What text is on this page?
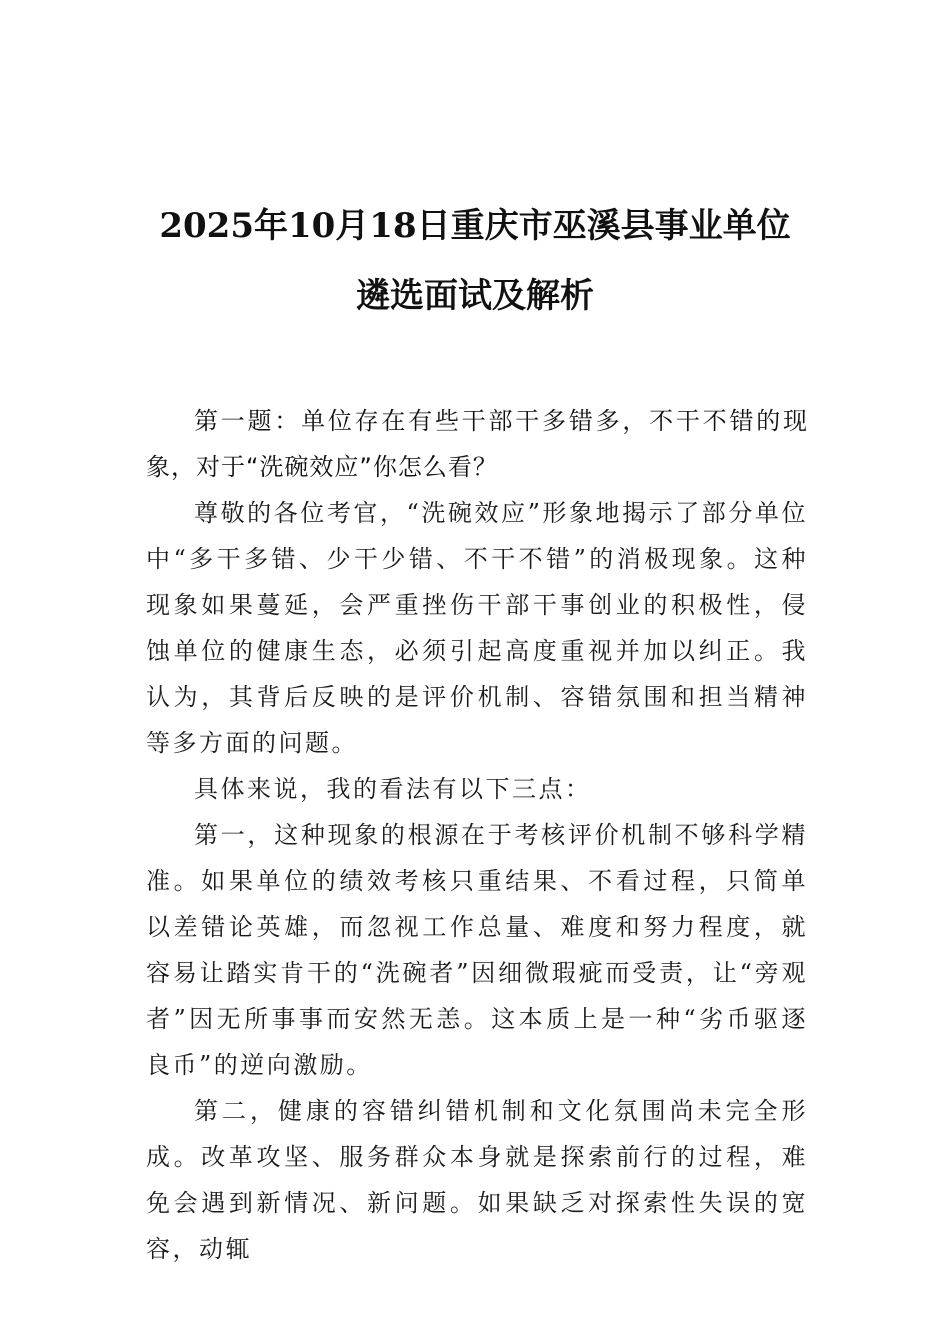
2025年10月18日重庆市巫溪县事业单位
遴选面试及解析

第一题：单位存在有些干部干多错多，不干不错的现象，对于“洗碗效应”你怎么看？

尊敬的各位考官，“洗碗效应”形象地揭示了部分单位中“多干多错、少干少错、不干不错”的消极现象。这种现象如果蔓延，会严重挫伤干部干事创业的积极性，侵蚀单位的健康生态，必须引起高度重视并加以纠正。我认为，其背后反映的是评价机制、容错氛围和担当精神等多方面的问题。

具体来说，我的看法有以下三点：

第一，这种现象的根源在于考核评价机制不够科学精准。如果单位的绩效考核只重结果、不看过程，只简单以差错论英雄，而忽视工作总量、难度和努力程度，就容易让踏实肯干的“洗碗者”因细微瑕疵而受责，让“旁观者”因无所事事而安然无恙。这本质上是一种“劣币驱逐良币”的逆向激励。

第二，健康的容错纠错机制和文化氛围尚未完全形成。改革攻坚、服务群众本身就是探索前行的过程，难免会遇到新情况、新问题。如果缺乏对探索性失误的宽容，动辄
